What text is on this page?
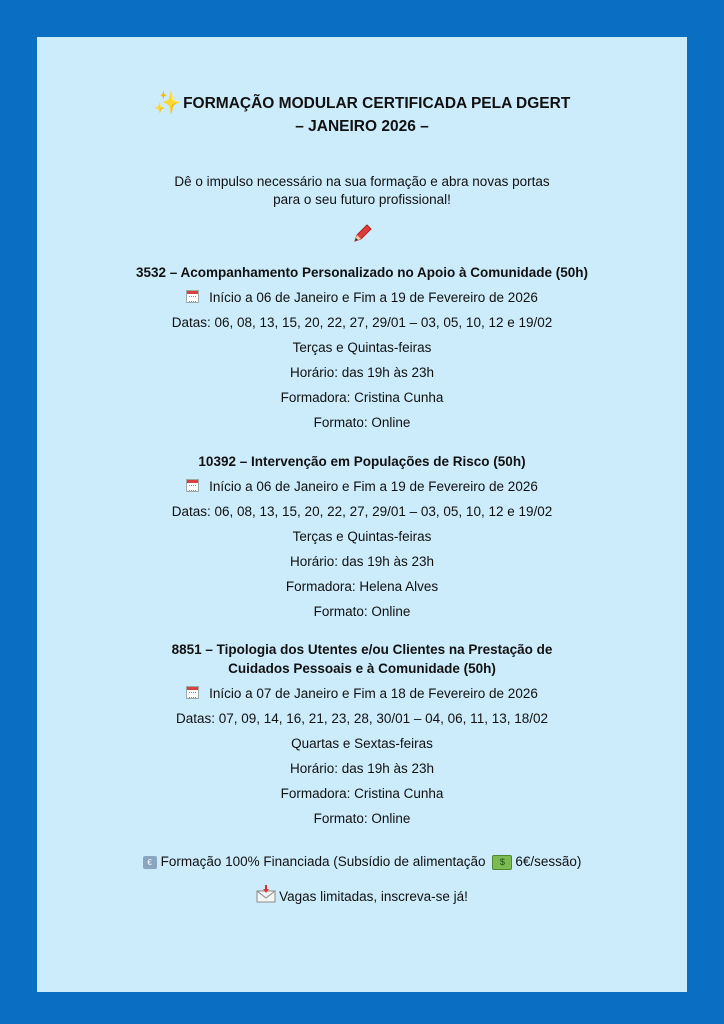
✨ FORMAÇÃO MODULAR CERTIFICADA PELA DGERT
– JANEIRO 2026 –
Dê o impulso necessário na sua formação e abra novas portas
para o seu futuro profissional!
3532 – Acompanhamento Personalizado no Apoio à Comunidade (50h)
Início a 06 de Janeiro e Fim a 19 de Fevereiro de 2026
Datas: 06, 08, 13, 15, 20, 22, 27, 29/01 – 03, 05, 10, 12 e 19/02
Terças e Quintas-feiras
Horário: das 19h às 23h
Formadora: Cristina Cunha
Formato: Online
10392 – Intervenção em Populações de Risco (50h)
Início a 06 de Janeiro e Fim a 19 de Fevereiro de 2026
Datas: 06, 08, 13, 15, 20, 22, 27, 29/01 – 03, 05, 10, 12 e 19/02
Terças e Quintas-feiras
Horário: das 19h às 23h
Formadora: Helena Alves
Formato: Online
8851 – Tipologia dos Utentes e/ou Clientes na Prestação de
Cuidados Pessoais e à Comunidade (50h)
Início a 07 de Janeiro e Fim a 18 de Fevereiro de 2026
Datas: 07, 09, 14, 16, 21, 23, 28, 30/01 – 04, 06, 11, 13, 18/02
Quartas e Sextas-feiras
Horário: das 19h às 23h
Formadora: Cristina Cunha
Formato: Online
€ Formação 100% Financiada (Subsídio de alimentação $ 6€/sessão)
Vagas limitadas, inscreva-se já!
